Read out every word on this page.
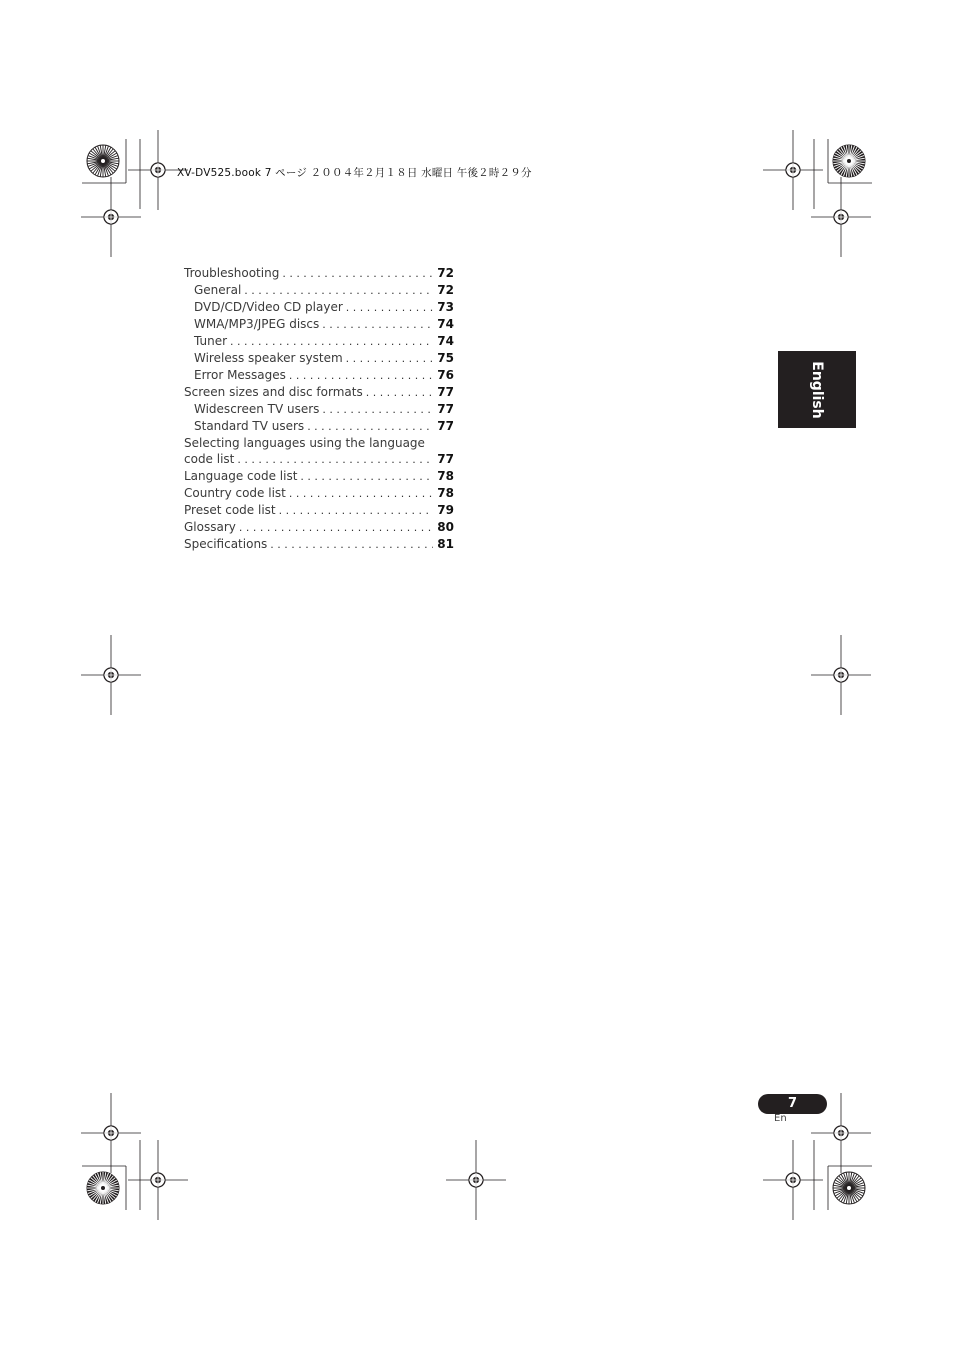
XV-DV525.book 7 ページ ２００４年２月１８日 水曜日 午後２時２９分
Troubleshooting . . .	72
General . . .	72
DVD/CD/Video CD player . . .	73
WMA/MP3/JPEG discs . . .	74
Tuner . . .	74
Wireless speaker system . . .	75
Error Messages . . .	76
Screen sizes and disc formats . . .	77
Widescreen TV users . . .	77
Standard TV users . . .	77
Selecting languages using the language
code list . . .	77
Language code list . . .	78
Country code list . . .	78
Preset code list . . .	79
Glossary . . .	80
Specifications . . .	81
English
7
En
